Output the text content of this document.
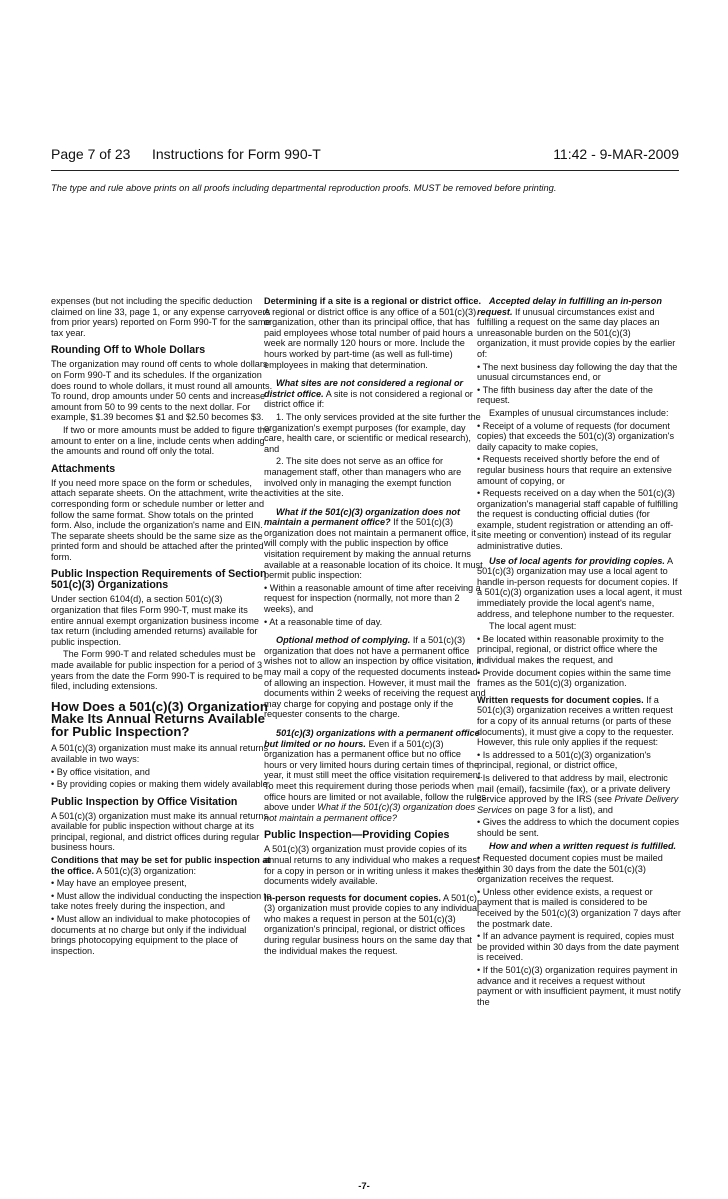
Page 7 of 23 Instructions for Form 990-T	11:42 - 9-MAR-2009
The type and rule above prints on all proofs including departmental reproduction proofs. MUST be removed before printing.

expenses (but not including the specific deduction claimed on line 33, page 1, or any expense carryovers from prior years) reported on Form 990-T for the same tax year.

Rounding Off to Whole Dollars

The organization may round off cents to whole dollars on Form 990-T and its schedules. If the organization does round to whole dollars, it must round all amounts. To round, drop amounts under 50 cents and increase amount from 50 to 99 cents to the next dollar. For example, $1.39 becomes $1 and $2.50 becomes $3.

If two or more amounts must be added to figure the amount to enter on a line, include cents when adding the amounts and round off only the total.

Attachments

If you need more space on the form or schedules, attach separate sheets. On the attachment, write the corresponding form or schedule number or letter and follow the same format. Show totals on the printed form. Also, include the organization's name and EIN. The separate sheets should be the same size as the printed form and should be attached after the printed form.

Public Inspection Requirements of Section 501(c)(3) Organizations

Under section 6104(d), a section 501(c)(3) organization that files Form 990-T, must make its entire annual exempt organization business income tax return (including amended returns) available for public inspection.

The Form 990-T and related schedules must be made available for public inspection for a period of 3 years from the date the Form 990-T is required to be filed, including extensions.

How Does a 501(c)(3) Organization Make Its Annual Returns Available for Public Inspection?

A 501(c)(3) organization must make its annual returns available in two ways:

• By office visitation, and

• By providing copies or making them widely available.

Public Inspection by Office Visitation

A 501(c)(3) organization must make its annual returns available for public inspection without charge at its principal, regional, and district offices during regular business hours.

Conditions that may be set for public inspection at the office. A 501(c)(3) organization:

• May have an employee present,

• Must allow the individual conducting the inspection to take notes freely during the inspection, and

• Must allow an individual to make photocopies of documents at no charge but only if the individual brings photocopying equipment to the place of inspection.

Determining if a site is a regional or district office. A regional or district office is any office of a 501(c)(3) organization, other than its principal office, that has paid employees whose total number of paid hours a week are normally 120 hours or more. Include the hours worked by part-time (as well as full-time) employees in making that determination.

What sites are not considered a regional or district office. A site is not considered a regional or district office if:

1. The only services provided at the site further the organization's exempt purposes (for example, day care, health care, or scientific or medical research), and

2. The site does not serve as an office for management staff, other than managers who are involved only in managing the exempt function activities at the site.

What if the 501(c)(3) organization does not maintain a permanent office? If the 501(c)(3) organization does not maintain a permanent office, it will comply with the public inspection by office visitation requirement by making the annual returns available at a reasonable location of its choice. It must permit public inspection:

• Within a reasonable amount of time after receiving a request for inspection (normally, not more than 2 weeks), and

• At a reasonable time of day.

Optional method of complying. If a 501(c)(3) organization that does not have a permanent office wishes not to allow an inspection by office visitation, it may mail a copy of the requested documents instead of allowing an inspection. However, it must mail the documents within 2 weeks of receiving the request and may charge for copying and postage only if the requester consents to the charge.

501(c)(3) organizations with a permanent office but limited or no hours. Even if a 501(c)(3) organization has a permanent office but no office hours or very limited hours during certain times of the year, it must still meet the office visitation requirement. To meet this requirement during those periods when office hours are limited or not available, follow the rules above under What if the 501(c)(3) organization does not maintain a permanent office?

Public Inspection—Providing Copies

A 501(c)(3) organization must provide copies of its annual returns to any individual who makes a request for a copy in person or in writing unless it makes these documents widely available.

In-person requests for document copies. A 501(c)(3) organization must provide copies to any individual who makes a request in person at the 501(c)(3) organization's principal, regional, or district offices during regular business hours on the same day that the individual makes the request.

Accepted delay in fulfilling an in-person request. If unusual circumstances exist and fulfilling a request on the same day places an unreasonable burden on the 501(c)(3) organization, it must provide copies by the earlier of:

• The next business day following the day that the unusual circumstances end, or

• The fifth business day after the date of the request.

Examples of unusual circumstances include:

• Receipt of a volume of requests (for document copies) that exceeds the 501(c)(3) organization's daily capacity to make copies,

• Requests received shortly before the end of regular business hours that require an extensive amount of copying, or

• Requests received on a day when the 501(c)(3) organization's managerial staff capable of fulfilling the request is conducting official duties (for example, student registration or attending an off-site meeting or convention) instead of its regular administrative duties.

Use of local agents for providing copies. A 501(c)(3) organization may use a local agent to handle in-person requests for document copies. If a 501(c)(3) organization uses a local agent, it must immediately provide the local agent's name, address, and telephone number to the requester.

The local agent must:

• Be located within reasonable proximity to the principal, regional, or district office where the individual makes the request, and

• Provide document copies within the same time frames as the 501(c)(3) organization.

Written requests for document copies. If a 501(c)(3) organization receives a written request for a copy of its annual returns (or parts of these documents), it must give a copy to the requester. However, this rule only applies if the request:

• Is addressed to a 501(c)(3) organization's principal, regional, or district office,

• Is delivered to that address by mail, electronic mail (email), facsimile (fax), or a private delivery service approved by the IRS (see Private Delivery Services on page 3 for a list), and

• Gives the address to which the document copies should be sent.

How and when a written request is fulfilled.

• Requested document copies must be mailed within 30 days from the date the 501(c)(3) organization receives the request.

• Unless other evidence exists, a request or payment that is mailed is considered to be received by the 501(c)(3) organization 7 days after the postmark date.

• If an advance payment is required, copies must be provided within 30 days from the date payment is received.

• If the 501(c)(3) organization requires payment in advance and it receives a request without payment or with insufficient payment, it must notify the

-7-
